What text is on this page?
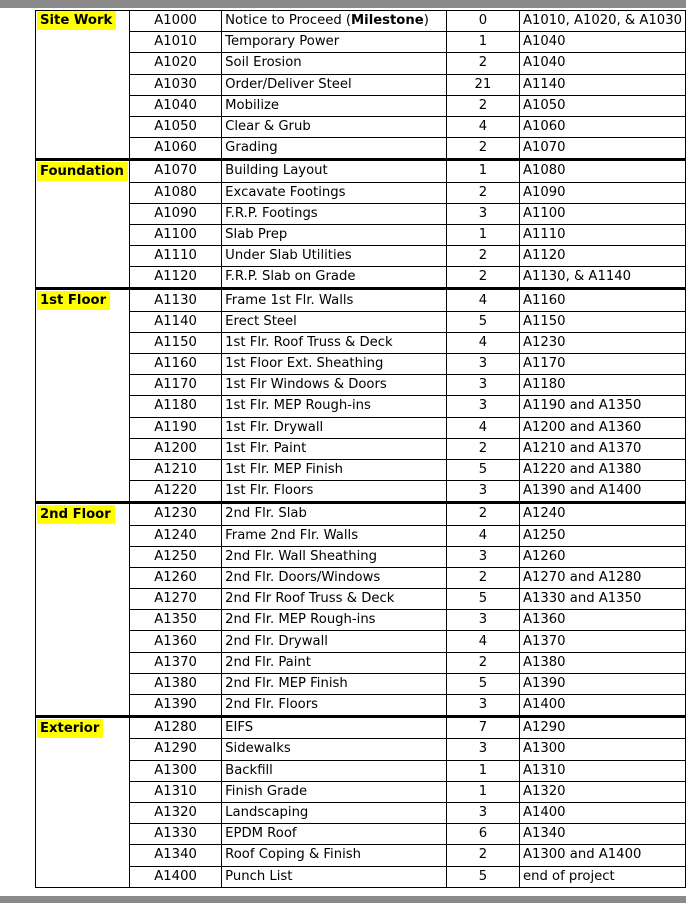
Site Work	A1000	Notice to Proceed (Milestone)	0	A1010, A1020, & A1030
	A1010	Temporary Power	1	A1040
	A1020	Soil Erosion	2	A1040
	A1030	Order/Deliver Steel	21	A1140
	A1040	Mobilize	2	A1050
	A1050	Clear & Grub	4	A1060
	A1060	Grading	2	A1070
Foundation	A1070	Building Layout	1	A1080
	A1080	Excavate Footings	2	A1090
	A1090	F.R.P. Footings	3	A1100
	A1100	Slab Prep	1	A1110
	A1110	Under Slab Utilities	2	A1120
	A1120	F.R.P. Slab on Grade	2	A1130, & A1140
1st Floor	A1130	Frame 1st Flr. Walls	4	A1160
	A1140	Erect Steel	5	A1150
	A1150	1st Flr. Roof Truss & Deck	4	A1230
	A1160	1st Floor Ext. Sheathing	3	A1170
	A1170	1st Flr Windows & Doors	3	A1180
	A1180	1st Flr. MEP Rough-ins	3	A1190 and A1350
	A1190	1st Flr. Drywall	4	A1200 and A1360
	A1200	1st Flr. Paint	2	A1210 and A1370
	A1210	1st Flr. MEP Finish	5	A1220 and A1380
	A1220	1st Flr. Floors	3	A1390 and A1400
2nd Floor	A1230	2nd Flr. Slab	2	A1240
	A1240	Frame 2nd Flr. Walls	4	A1250
	A1250	2nd Flr. Wall Sheathing	3	A1260
	A1260	2nd Flr. Doors/Windows	2	A1270 and A1280
	A1270	2nd Flr Roof Truss & Deck	5	A1330 and A1350
	A1350	2nd Flr. MEP Rough-ins	3	A1360
	A1360	2nd Flr. Drywall	4	A1370
	A1370	2nd Flr. Paint	2	A1380
	A1380	2nd Flr. MEP Finish	5	A1390
	A1390	2nd Flr. Floors	3	A1400
Exterior	A1280	EIFS	7	A1290
	A1290	Sidewalks	3	A1300
	A1300	Backfill	1	A1310
	A1310	Finish Grade	1	A1320
	A1320	Landscaping	3	A1400
	A1330	EPDM Roof	6	A1340
	A1340	Roof Coping & Finish	2	A1300 and A1400
	A1400	Punch List	5	end of project
